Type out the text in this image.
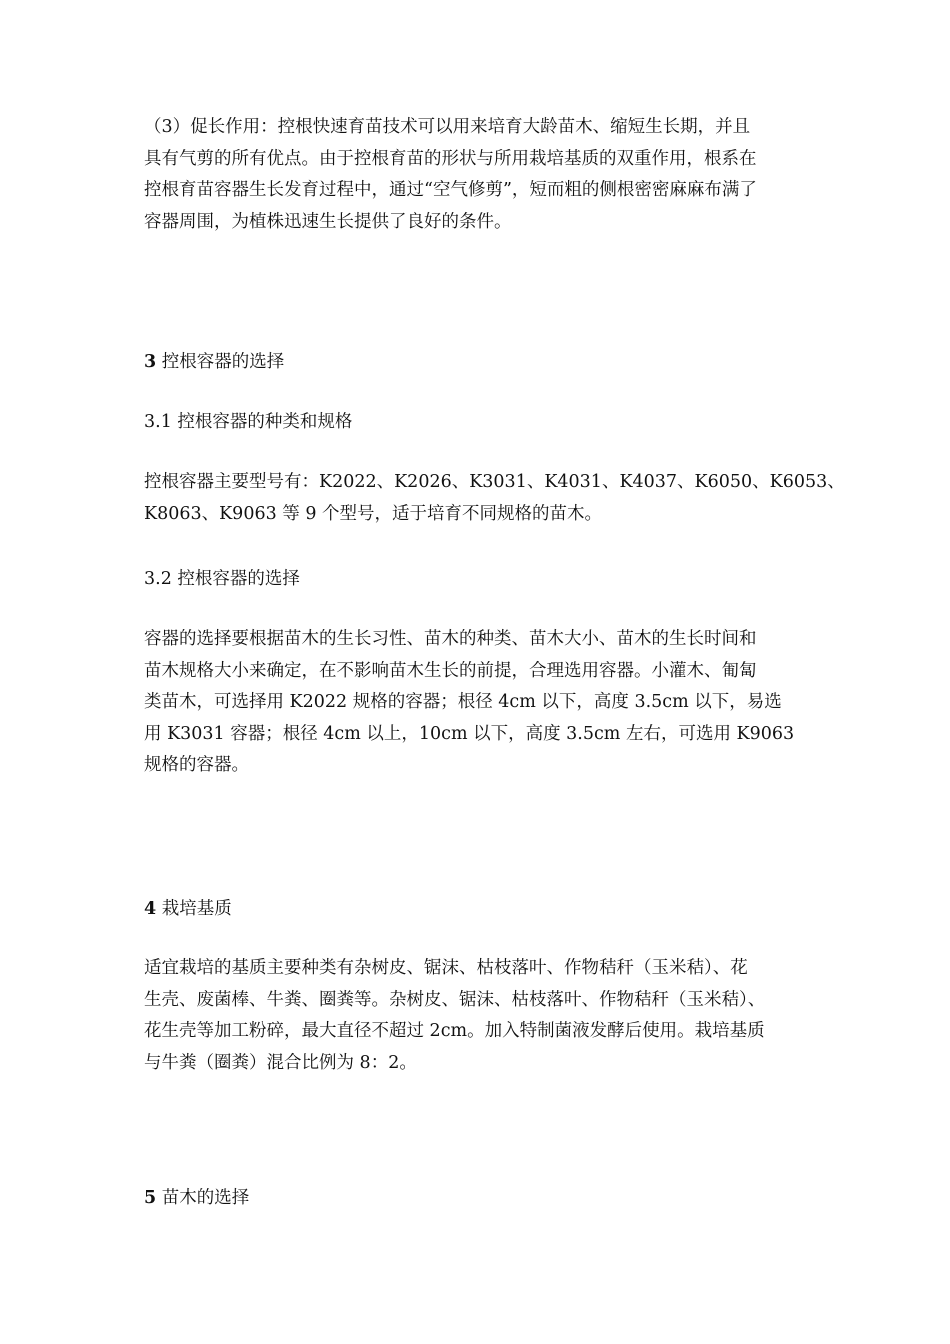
（3）促长作用：控根快速育苗技术可以用来培育大龄苗木、缩短生长期，并且
具有气剪的所有优点。由于控根育苗的形状与所用栽培基质的双重作用，根系在
控根育苗容器生长发育过程中，通过“空气修剪”，短而粗的侧根密密麻麻布满了
容器周围，为植株迅速生长提供了良好的条件。

3 控根容器的选择

3.1 控根容器的种类和规格

控根容器主要型号有：K2022、K2026、K3031、K4031、K4037、K6050、K6053、
K8063、K9063 等 9 个型号，适于培育不同规格的苗木。

3.2 控根容器的选择

容器的选择要根据苗木的生长习性、苗木的种类、苗木大小、苗木的生长时间和
苗木规格大小来确定，在不影响苗木生长的前提，合理选用容器。小灌木、匍匐
类苗木，可选择用 K2022 规格的容器；根径 4cm 以下，高度 3.5cm 以下，易选
用 K3031 容器；根径 4cm 以上，10cm 以下，高度 3.5cm 左右，可选用 K9063
规格的容器。

4 栽培基质

适宜栽培的基质主要种类有杂树皮、锯沫、枯枝落叶、作物秸秆（玉米秸）、花
生壳、废菌棒、牛粪、圈粪等。杂树皮、锯沫、枯枝落叶、作物秸秆（玉米秸）、
花生壳等加工粉碎，最大直径不超过 2cm。加入特制菌液发酵后使用。栽培基质
与牛粪（圈粪）混合比例为 8：2。

5 苗木的选择
